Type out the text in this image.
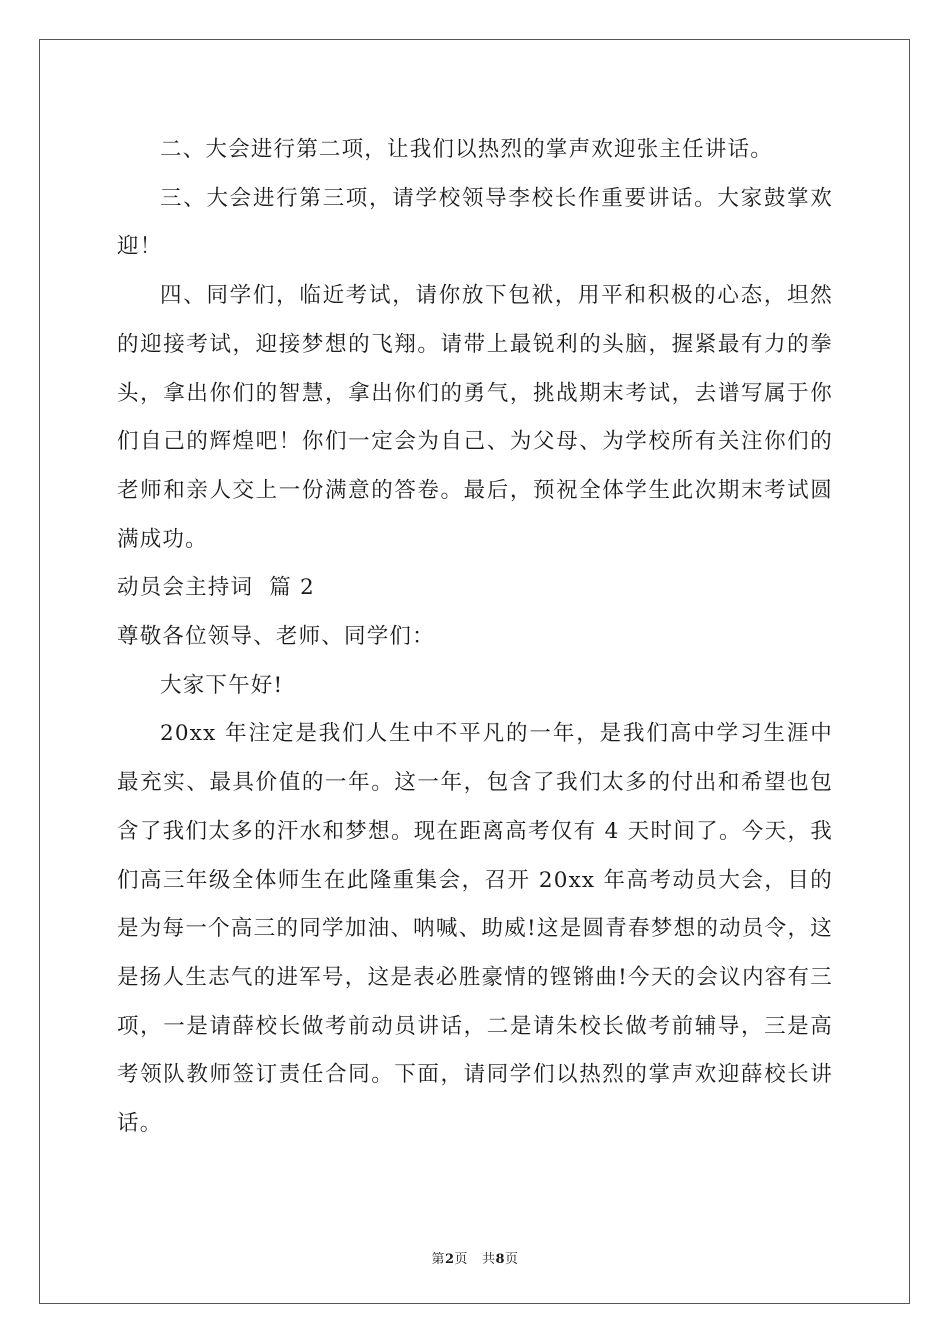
二、大会进行第二项，让我们以热烈的掌声欢迎张主任讲话。

三、大会进行第三项，请学校领导李校长作重要讲话。大家鼓掌欢迎！

四、同学们，临近考试，请你放下包袱，用平和积极的心态，坦然的迎接考试，迎接梦想的飞翔。请带上最锐利的头脑，握紧最有力的拳头，拿出你们的智慧，拿出你们的勇气，挑战期末考试，去谱写属于你们自己的辉煌吧！你们一定会为自己、为父母、为学校所有关注你们的老师和亲人交上一份满意的答卷。最后，预祝全体学生此次期末考试圆满成功。

动员会主持词  篇 2

尊敬各位领导、老师、同学们：

大家下午好!

20xx 年注定是我们人生中不平凡的一年，是我们高中学习生涯中最充实、最具价值的一年。这一年，包含了我们太多的付出和希望也包含了我们太多的汗水和梦想。现在距离高考仅有 4 天时间了。今天，我们高三年级全体师生在此隆重集会，召开 20xx 年高考动员大会，目的是为每一个高三的同学加油、呐喊、助威!这是圆青春梦想的动员令，这是扬人生志气的进军号，这是表必胜豪情的铿锵曲!今天的会议内容有三项，一是请薛校长做考前动员讲话，二是请朱校长做考前辅导，三是高考领队教师签订责任合同。下面，请同学们以热烈的掌声欢迎薛校长讲话。

第2页   共8页
